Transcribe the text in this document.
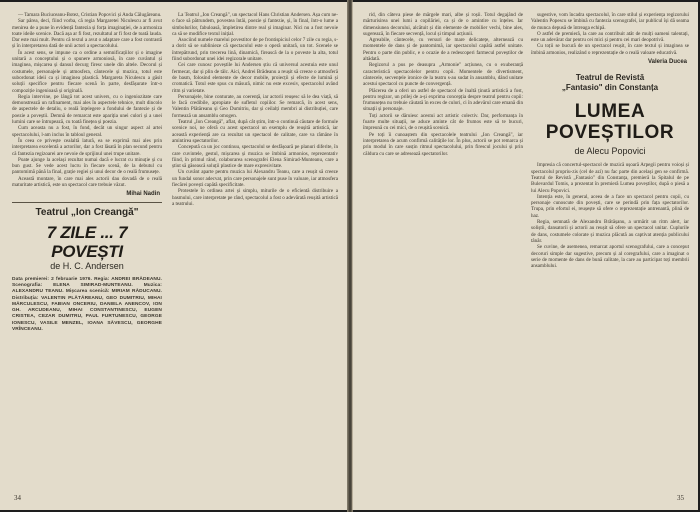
— Tamara Buciuceanu-Botez, Cristian Popovici și Anda Călugăreanu.

Sar pârea, deci, fiind vorba, că regia Margaretei Niculescu ar fi avut menirea de a pune în evidență fantezia și forța imaginației, de a armoniza toate ideile scenice. Dacă așa ar fi fost, rezultatul ar fi fost de toată lauda. Dar este mai mult. Pentru că textul a avut o adaptare care a fost contrastă și în interpretarea dată de unii actori a spectacolului.

În acest sens, se impune ca o ordine a semnificațiilor și o imagine unitară a conceptului și o spunere armoniosă, în care cuvântul și imaginea, mișcarea și dansul decurg firesc unele din altele. Decorul și costumele, personajele și atmosfera, cântecele și muzica, totul este subordonat ideii ca și imaginea plastică. Margareta Niculescu a găsit soluții specifice pentru fiecare scenă în parte, desfășurate într-o compoziție ingenioasă și originală.

Regia intervine, pe lângă tot acest univers, cu o ingeniozitate care demonstrează un rafinament, mai ales în aspectele tehnice, mult dincolo de aspectele de detaliu, o reală înțelegere a fondului de fantezie și de poezie a poveștii. Demnă de remarcat este apariția unei culori și a unei lumini care se întrupează, cu toată finețea și poezia.

Cum aceasta nu a fost, în fond, decât un singur aspect al artei spectacolului, l-am inclus în tabloul general.

În ceea ce privește cealaltă latură, ea se exprimă mai ales prin interpretarea excelentă a actorilor, dar a fost lăsată în plan secund pentru că fantezia regizoarei are nevoie de sprijinul unei trupe unitare.

Poate ajunge la același rezultat numai dacă e lucrat cu minuție și cu bun gust. Se vede acest lucru în fiecare scenă, de la debutul cu pantomimă până la final, grație regiei și unui decor de o reală frumusețe.

Această montare, în care mai ales actorii dau dovadă de o reală maturitate artistică, este un spectacol care trebuie văzut.

Mihai Nadin
Teatrul „Ion Creangă"
7 ZILE ... 7 POVEȘTI
de H. C. Andersen
Data premierei: 2 februarie 1976. Regia: ANDREI BRĂDEANU. Scenografia: ELENA SIMIRAD-MUNTEANU. Muzica: ALEXANDRU TEANU. Mișcarea scenică: MIRIAM RĂDUCANU. Distribuția: VALENTIN PLĂTĂREANU, GEO DUMITRIU, MIHAI MĂRCULESCU, FABIAN ONCERIU, DANIELA ANENCOV, ION GH. ARCUDEANU, MIHAI CONSTANTINESCU, EUGEN CRISTEA, CEZAR DUMITRU, PAUL FURTUNESCU, GEORGE IONESCU, VASILE MENZEL, IOANA SĂVESCU, GEORGHE VRÎNCEANU.

La Teatrul „Ion Creangă", un spectacol Hans Christian Andersen. Așa cum ne-o face să pătrundem, povestea întâi, poezie și fantezie, și, în final, într-o lume a simbolurilor, fabuloasă, împletirea dintre real și imaginar. Nici nu a fost nevoie ca să se modifice textul inițial.

Asociind numele marelui povestitor de pe frontispiciul celor 7 zile cu regia, s-a dorit să se sublinieze că spectacolul este o operă unitară, un tot. Scenele se întrepătrund, prin trecerea lină, dinamică, firească de la o poveste la alta, totul fiind subordonat unei idei regizorale unitare.

Cei care cunosc poveștile lui Andersen știu că universul acestuia este unul fermecat, dar și plin de tâlc. Aici, Andrei Brădeanu a reușit să creeze o atmosferă de basm, folosind elemente de decor mobile, proiecții și efecte de lumină și cromatică. Totul este spus cu măsură, nimic nu este excesiv, spectacolul având ritm și varietate.

Personajele, bine conturate, au coerență, iar actorii reușesc să le dea viață, să le facă credibile, apropiate de sufletul copiilor. Se remarcă, în acest sens, Valentin Plătăreanu și Geo Dumitriu, dar și ceilalți membri ai distribuției, care formează un ansamblu omogen.

Teatrul „Ion Creangă", aflat, după cât știm, într-o continuă căutare de formule scenice noi, ne oferă cu acest spectacol un exemplu de reușită artistică, iar această experiență are ca rezultat un spectacol de calitate, care va rămâne în amintirea spectatorilor.

Concepută ca un joc continuu, spectacolul se desfășoară pe planuri diferite, în care cuvintele, gestul, mișcarea și muzica se îmbină armonios, reprezentativ fiind, în primul rând, colaborarea scenografei Elena Simirad-Munteanu, care a știut să găsească soluții plastice de mare expresivitate.

Un cuvânt aparte pentru muzica lui Alexandru Teanu, care a reușit să creeze un fundal sonor adecvat, prin care personajele sunt puse în valoare, iar atmosfera fiecărei povești capătă specificitate.

Protestele în ordinea artei și simplu, miturile de o eficientă distribuire a basmului, care interpretate pe rând, spectacolul a fost o adevărată reușită artistică a teatrului.

34

rid, din câteva piese de mărgele mari, albe și roșii. Totul degajând de mărturisirea unei lumi a copilăriei, ca și de o amintire cu înțeles. Iar dimensiunea decorului, alcătuit și din elemente de mobilier vechi, bine ales, sugerează, în fiecare secvență, locul și timpul acțiunii.

Agreabile, cântecele, cu versuri de mare delicatețe, alternează cu momentele de dans și de pantomimă, iar spectacolul capătă astfel unitate. Pentru o parte din public, e o ocazie de a redescoperi farmecul poveștilor de altădată.

Regizorul a pus pe deasupra „Armonie" acțiunea, cu o exuberanță caracteristică spectacolelor pentru copii. Momentele de divertisment, cântecele, secvențele ironice de la teatru s-au sudat în ansamblu, dând unitate acestui spectacol cu puncte de convergență.

Plăcerea de a oferi un astfel de spectacol de înaltă ținută artistică a fost, pentru regizor, un prilej de a-și exprima concepția despre teatrul pentru copii: frumusețea nu trebuie căutată în exces de culori, ci în adevărul care emană din situații și personaje.

Toți actorii se dăruiesc acestui act artistic colectiv. Dar, performanța în foarte multe situații, ne aduce aminte cât de frumos este să te bucuri, împreună cu cei mici, de o reușită scenică.

Pe toți îi cunoaștem din spectacolele teatrului „Ion Creangă", iar interpretarea de acum confirmă calitățile lor. În plus, actorii se pot remarca și prin modul în care susțin ritmul spectacolului, prin firescul jocului și prin căldura cu care se adresează spectatorilor.

sugestive, vom încadra spectacolul, în care stilul și experiența regizorului Valentin Popescu se îmbină cu fantezia scenografei, iar publicul își dă seama de munca depusă de întreaga echipă.

O astfel de premieră, la care au contribuit atât de mulți oameni talentați, este un adevărat dar pentru cei mici și pentru cei mari deopotrivă.

Cu toții se bucură de un spectacol reușit, în care textul și imaginea se îmbină armonios, realizând o reprezentație de o reală valoare educativă.

Valeria Ducea
Teatrul de Revistă
„Fantasio" din Constanța
LUMEA POVEȘTILOR
de Alecu Popovici

Impresia că concertul-spectacol de muzică ușoară Arpegii pentru voioși și spectacolul propriu-zis (cel de azi) nu fac parte din același gen se confirmă. Teatrul de Revistă „Fantasio" din Constanța, premieră la Spitalul de pe Bulevardul Tomis, a prezentat în premieră Lumea poveștilor, după o piesă a lui Alecu Popovici.

Intenția este, în general, aceea de a face un spectacol pentru copii, cu personaje cunoscute din povești, care se perindă prin fața spectatorilor. Trupa, prin efortul ei, reușește să ofere o reprezentație antrenantă, plină de haz.

Regia, semnată de Alexandru Brătășanu, a urmărit un ritm alert, iar soliștii, dansatorii și actorii au reușit să ofere un spectacol unitar. Cuplurile de dans, costumele colorate și muzica plăcută au captivat atenția publicului tânăr.

Se cuvine, de asemenea, remarcat aportul scenografului, care a conceput decoruri simple dar sugestive, precum și al coregrafului, care a imaginat o serie de momente de dans de bună calitate, la care au participat toți membrii ansamblului.

35
